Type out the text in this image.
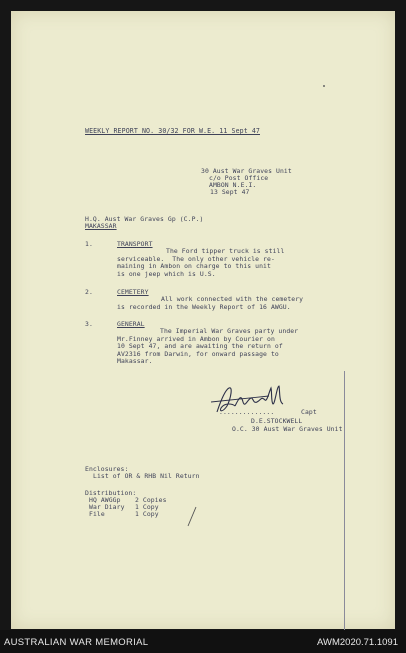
WEEKLY REPORT NO. 30/32 FOR W.E. 11 Sept 47
30 Aust War Graves Unit
c/o Post Office
AMBON N.E.I.
13 Sept 47
H.Q. Aust War Graves Gp (C.P.)
MAKASSAR
1.	TRANSPORT
The Ford tipper truck is still
serviceable.  The only other vehicle re-
maining in Ambon on charge to this unit
is one jeep which is U.S.
2.	CEMETERY
All work connected with the cemetery
is recorded in the Weekly Report of 16 AWGU.
3.	GENERAL
The Imperial War Graves party under
Mr.Finney arrived in Ambon by Courier on
10 Sept 47, and are awaiting the return of
AV2316 from Darwin, for onward passage to
Makassar.
..............	Capt
D.E.STOCKWELL
O.C. 30 Aust War Graves Unit
Enclosures:
List of OR & RHB Nil Return
Distribution:
HQ AWGGp 2 Copies
War Diary 1 Copy
File	1 Copy
AUSTRALIAN WAR MEMORIAL	AWM2020.71.1091
